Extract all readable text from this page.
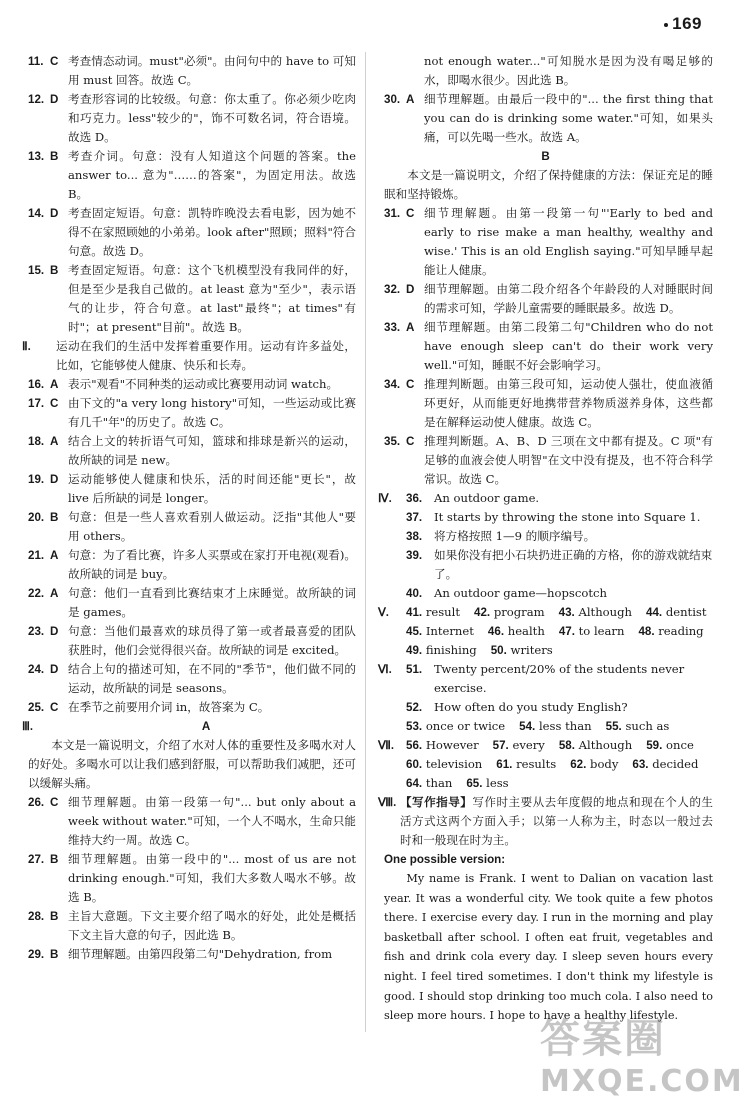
169
11. C 考查情态动词。must"必须"。由问句中的 have to 可知用 must 回答。故选 C。
12. D 考查形容词的比较级。句意：你太重了。你必须少吃肉和巧克力。less"较少的"，饰不可数名词，符合语境。故选 D。
13. B 考查介词。句意：没有人知道这个问题的答案。the answer to... 意为"……的答案"，为固定用法。故选 B。
14. D 考查固定短语。句意：凯特昨晚没去看电影，因为她不得不在家照顾她的小弟弟。look after"照顾；照料"符合句意。故选 D。
15. B 考查固定短语。句意：这个飞机模型没有我同伴的好，但是至少是我自己做的。at least 意为"至少"，表示语气的让步，符合句意。at last"最终"；at times"有时"；at present"目前"。故选 B。
Ⅱ.	运动在我们的生活中发挥着重要作用。运动有许多益处，比如，它能够使人健康、快乐和长寿。
16. A 表示"观看"不同种类的运动或比赛要用动词 watch。
17. C 由下文的"a very long history"可知，一些运动或比赛有几千"年"的历史了。故选 C。
18. A 结合上文的转折语气可知，篮球和排球是新兴的运动，故所缺的词是 new。
19. D 运动能够使人健康和快乐，活的时间还能"更长"，故 live 后所缺的词是 longer。
20. B 句意：但是一些人喜欢看别人做运动。泛指"其他人"要用 others。
21. A 句意：为了看比赛，许多人买票或在家打开电视(观看)。故所缺的词是 buy。
22. A 句意：他们一直看到比赛结束才上床睡觉。故所缺的词是 games。
23. D 句意：当他们最喜欢的球员得了第一或者最喜爱的团队获胜时，他们会觉得很兴奋。故所缺的词是 excited。
24. D 结合上句的描述可知，在不同的"季节"，他们做不同的运动，故所缺的词是 seasons。
25. C 在季节之前要用介词 in，故答案为 C。
Ⅲ.	A
本文是一篇说明文，介绍了水对人体的重要性及多喝水对人的好处。多喝水可以让我们感到舒服，可以帮助我们减肥，还可以缓解头痛。
26. C 细节理解题。由第一段第一句"... but only about a week without water."可知，一个人不喝水，生命只能维持大约一周。故选 C。
27. B 细节理解题。由第一段中的"... most of us are not drinking enough."可知，我们大多数人喝水不够。故选 B。
28. B 主旨大意题。下文主要介绍了喝水的好处，此处是概括下文主旨大意的句子，因此选 B。
29. B 细节理解题。由第四段第二句"Dehydration, from
not enough water..."可知脱水是因为没有喝足够的水，即喝水很少。因此选 B。
30. A 细节理解题。由最后一段中的"... the first thing that you can do is drinking some water."可知，如果头痛，可以先喝一些水。故选 A。
B
本文是一篇说明文，介绍了保持健康的方法：保证充足的睡眠和坚持锻炼。
31. C 细节理解题。由第一段第一句"'Early to bed and early to rise make a man healthy, wealthy and wise.' This is an old English saying."可知早睡早起能让人健康。
32. D 细节理解题。由第二段介绍各个年龄段的人对睡眠时间的需求可知，学龄儿童需要的睡眠最多。故选 D。
33. A 细节理解题。由第二段第二句"Children who do not have enough sleep can't do their work very well."可知，睡眠不好会影响学习。
34. C 推理判断题。由第三段可知，运动使人强壮，使血液循环更好，从而能更好地携带营养物质滋养身体，这些都是在解释运动使人健康。故选 C。
35. C 推理判断题。A、B、D 三项在文中都有提及。C 项"有足够的血液会使人明智"在文中没有提及，也不符合科学常识。故选 C。
Ⅳ.	36.	An outdoor game.
37.	It starts by throwing the stone into Square 1.
38.	将方格按照 1—9 的顺序编号。
39.	如果你没有把小石块扔进正确的方格，你的游戏就结束了。
40.	An outdoor game—hopscotch
Ⅴ.	41. result 42. program 43. Although 44. dentist
45. Internet 46. health 47. to learn 48. reading
49. finishing 50. writers
Ⅵ.	51.	Twenty percent/20% of the students never exercise.
52.	How often do you study English?
53. once or twice 54. less than 55. such as
Ⅶ.	56. However 57. every 58. Although 59. once
60. television 61. results 62. body 63. decided
64. than 65. less
Ⅷ. 【写作指导】写作时主要从去年度假的地点和现在个人的生活方式这两个方面入手；以第一人称为主，时态以一般过去时和一般现在时为主。
One possible version:
My name is Frank. I went to Dalian on vacation last year. It was a wonderful city. We took quite a few photos there. I exercise every day. I run in the morning and play basketball after school. I often eat fruit, vegetables and fish and drink cola every day. I sleep seven hours every night. I feel tired sometimes. I don't think my lifestyle is good. I should stop drinking too much cola. I also need to sleep more hours. I hope to have a healthy lifestyle.
答案圈
MXQE.COM
